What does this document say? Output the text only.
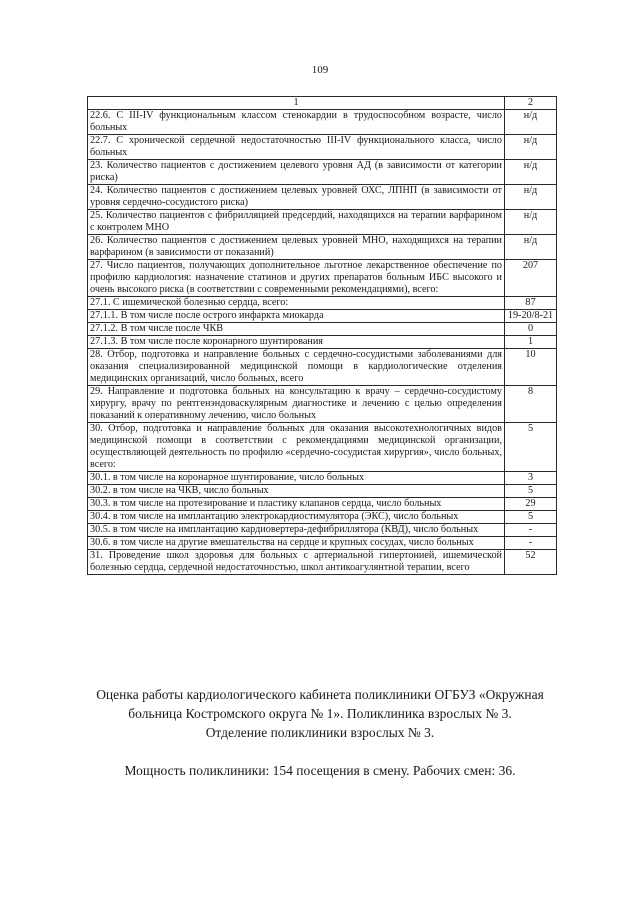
109
1	2
22.6. С III-IV функциональным классом стенокардии в трудоспособном возрасте, число больных	н/д
22.7. С хронической сердечной недостаточностью III-IV функционального класса, число больных	н/д
23. Количество пациентов с достижением целевого уровня АД (в зависимости от категории риска)	н/д
24. Количество пациентов с достижением целевых уровней ОХС, ЛПНП (в зависимости от уровня сердечно-сосудистого риска)	н/д
25. Количество пациентов с фибрилляцией предсердий, находящихся на терапии варфарином с контролем МНО	н/д
26. Количество пациентов с достижением целевых уровней МНО, находящихся на терапии варфарином (в зависимости от показаний)	н/д
27. Число пациентов, получающих дополнительное льготное лекарственное обеспечение по профилю кардиология: назначение статинов и других препаратов больным ИБС высокого и очень высокого риска (в соответствии с современными рекомендациями), всего:	207
27.1. С ишемической болезнью сердца, всего:	87
27.1.1. В том числе после острого инфаркта миокарда	19-20/8-21
27.1.2. В том числе после ЧКВ	0
27.1.3. В том числе после коронарного шунтирования	1
28. Отбор, подготовка и направление больных с сердечно-сосудистыми заболеваниями для оказания специализированной медицинской помощи в кардиологические отделения медицинских организаций, число больных, всего	10
29. Направление и подготовка больных на консультацию к врачу – сердечно-сосудистому хирургу, врачу по рентгенэндоваскулярным диагностике и лечению с целью определения показаний к оперативному лечению, число больных	8
30. Отбор, подготовка и направление больных для оказания высокотехнологичных видов медицинской помощи в соответствии с рекомендациями медицинской организации, осуществляющей деятельность по профилю «сердечно-сосудистая хирургия», число больных, всего:	5
30.1. в том числе на коронарное шунтирование, число больных	3
30.2. в том числе на ЧКВ, число больных	5
30.3. в том числе на протезирование и пластику клапанов сердца, число больных	29
30.4. в том числе на имплантацию электрокардиостимулятора (ЭКС), число больных	5
30.5. в том числе на имплантацию кардиовертера-дефибриллятора (КВД), число больных	-
30.6. в том числе на другие вмешательства на сердце и крупных сосудах, число больных	-
31. Проведение школ здоровья для больных с артериальной гипертонией, ишемической болезнью сердца, сердечной недостаточностью, школ антикоагулянтной терапии, всего	52
Оценка работы кардиологического кабинета поликлиники ОГБУЗ «Окружная
больница Костромского округа № 1». Поликлиника взрослых № 3.
Отделение поликлиники взрослых № 3.
Мощность поликлиники: 154 посещения в смену. Рабочих смен: 36.
